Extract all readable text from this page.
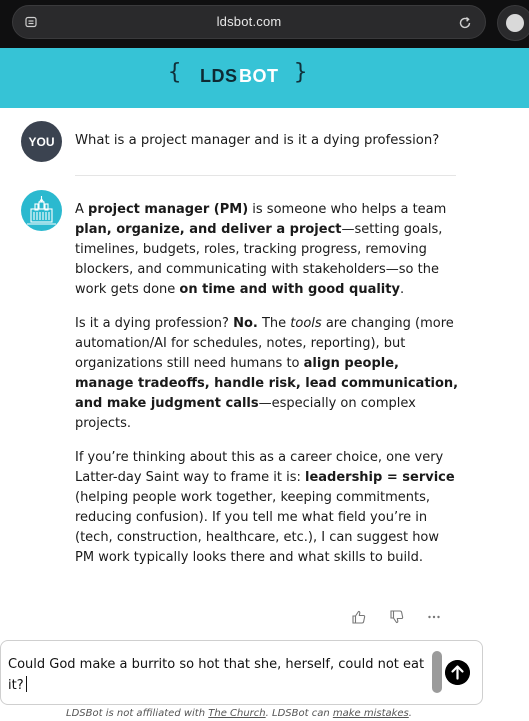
ldsbot.com
{ LDS BOT }
YOU	What is a project manager and is it a dying profession?

A project manager (PM) is someone who helps a team plan, organize, and deliver a project—setting goals, timelines, budgets, roles, tracking progress, removing blockers, and communicating with stakeholders—so the work gets done on time and with good quality.

Is it a dying profession? No. The tools are changing (more automation/AI for schedules, notes, reporting), but organizations still need humans to align people, manage tradeoffs, handle risk, lead communication, and make judgment calls—especially on complex projects.

If you’re thinking about this as a career choice, one very Latter-day Saint way to frame it is: leadership = service (helping people work together, keeping commitments, reducing confusion). If you tell me what field you’re in (tech, construction, healthcare, etc.), I can suggest how PM work typically looks there and what skills to build.

Could God make a burrito so hot that she, herself, could not eat it?
LDSBot is not affiliated with The Church. LDSBot can make mistakes.
